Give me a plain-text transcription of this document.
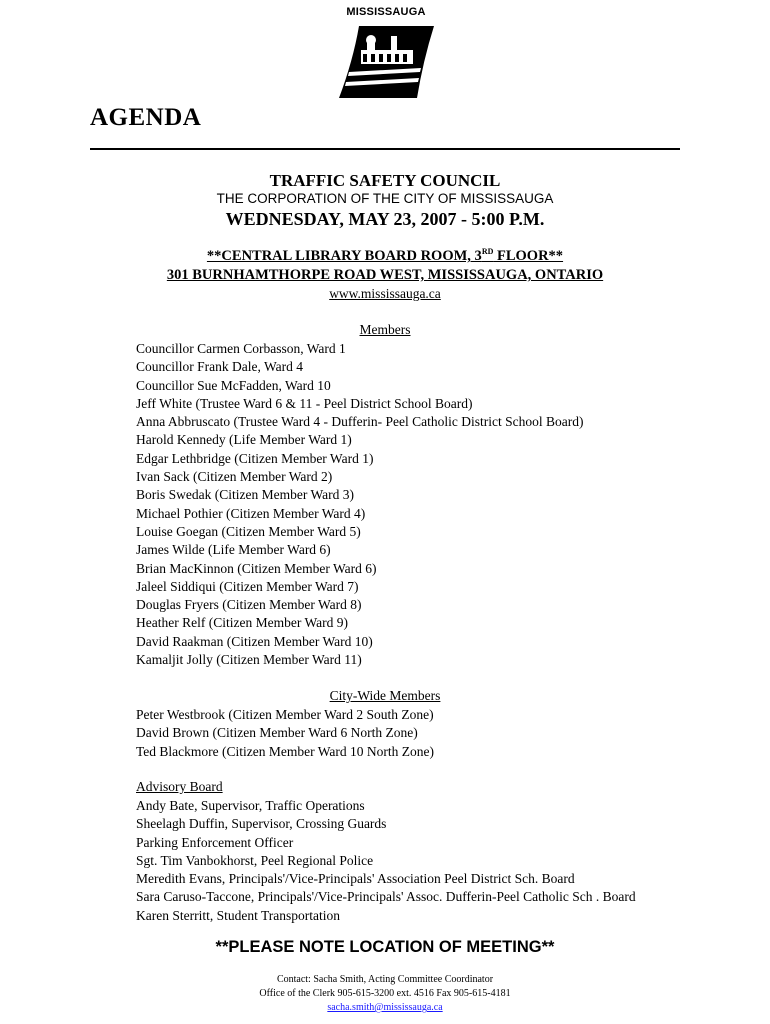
MISSISSAUGA
AGENDA
TRAFFIC SAFETY COUNCIL
THE CORPORATION OF THE CITY OF MISSISSAUGA
WEDNESDAY, MAY 23, 2007 - 5:00 P.M.
**CENTRAL LIBRARY BOARD ROOM, 3RD FLOOR**
301 BURNHAMTHORPE ROAD WEST, MISSISSAUGA, ONTARIO
www.mississauga.ca
Members
Councillor Carmen Corbasson, Ward 1
Councillor Frank Dale, Ward 4
Councillor Sue McFadden, Ward 10
Jeff White (Trustee Ward 6 & 11 - Peel District School Board)
Anna Abbruscato (Trustee Ward 4 - Dufferin- Peel Catholic District School Board)
Harold Kennedy (Life Member Ward 1)
Edgar Lethbridge (Citizen Member Ward 1)
Ivan Sack (Citizen Member Ward 2)
Boris Swedak (Citizen Member Ward 3)
Michael Pothier (Citizen Member Ward 4)
Louise Goegan (Citizen Member Ward 5)
James Wilde (Life Member Ward 6)
Brian MacKinnon (Citizen Member Ward 6)
Jaleel Siddiqui (Citizen Member Ward 7)
Douglas Fryers (Citizen Member Ward 8)
Heather Relf (Citizen Member Ward 9)
David Raakman (Citizen Member Ward 10)
Kamaljit Jolly (Citizen Member Ward 11)
City-Wide Members
Peter Westbrook (Citizen Member Ward 2 South Zone)
David Brown (Citizen Member Ward 6 North Zone)
Ted Blackmore (Citizen Member Ward 10 North Zone)
Advisory Board
Andy Bate, Supervisor, Traffic Operations
Sheelagh Duffin, Supervisor, Crossing Guards
Parking Enforcement Officer
Sgt. Tim Vanbokhorst, Peel Regional Police
Meredith Evans, Principals'/Vice-Principals' Association Peel District Sch. Board
Sara Caruso-Taccone, Principals'/Vice-Principals' Assoc. Dufferin-Peel Catholic Sch . Board
Karen Sterritt, Student Transportation
**PLEASE NOTE LOCATION OF MEETING**
Contact: Sacha Smith, Acting Committee Coordinator
Office of the Clerk 905-615-3200 ext. 4516 Fax 905-615-4181
sacha.smith@mississauga.ca
